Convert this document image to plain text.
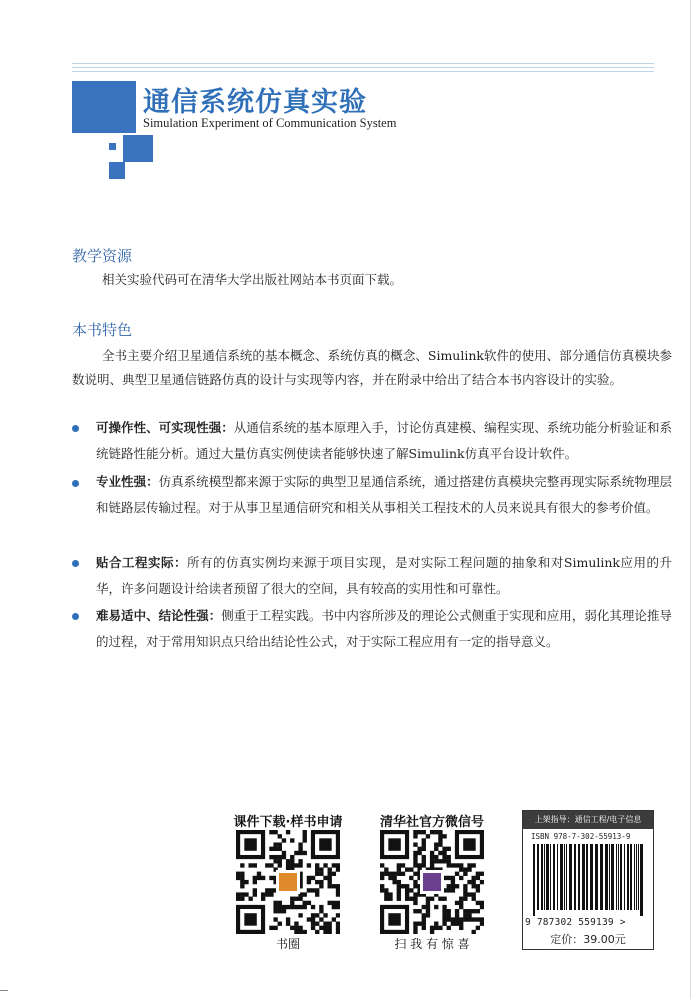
通信系统仿真实验
Simulation Experiment of Communication System
教学资源
相关实验代码可在清华大学出版社网站本书页面下载。
本书特色
全书主要介绍卫星通信系统的基本概念、系统仿真的概念、Simulink软件的使用、部分通信仿真模块参数说明、典型卫星通信链路仿真的设计与实现等内容，并在附录中给出了结合本书内容设计的实验。
可操作性、可实现性强：从通信系统的基本原理入手，讨论仿真建模、编程实现、系统功能分析验证和系统链路性能分析。通过大量仿真实例使读者能够快速了解Simulink仿真平台设计软件。
专业性强：仿真系统模型都来源于实际的典型卫星通信系统，通过搭建仿真模块完整再现实际系统物理层和链路层传输过程。对于从事卫星通信研究和相关从事相关工程技术的人员来说具有很大的参考价值。
贴合工程实际：所有的仿真实例均来源于项目实现，是对实际工程问题的抽象和对Simulink应用的升华，许多问题设计给读者预留了很大的空间，具有较高的实用性和可靠性。
难易适中、结论性强：侧重于工程实践。书中内容所涉及的理论公式侧重于实现和应用，弱化其理论推导的过程，对于常用知识点只给出结论性公式，对于实际工程应用有一定的指导意义。
课件下载·样书申请
书圈
清华社官方微信号
扫 我 有 惊 喜
上架指导：通信工程/电子信息
ISBN 978-7-302-55913-9
9 787302 559139 >
定价：39.00元
